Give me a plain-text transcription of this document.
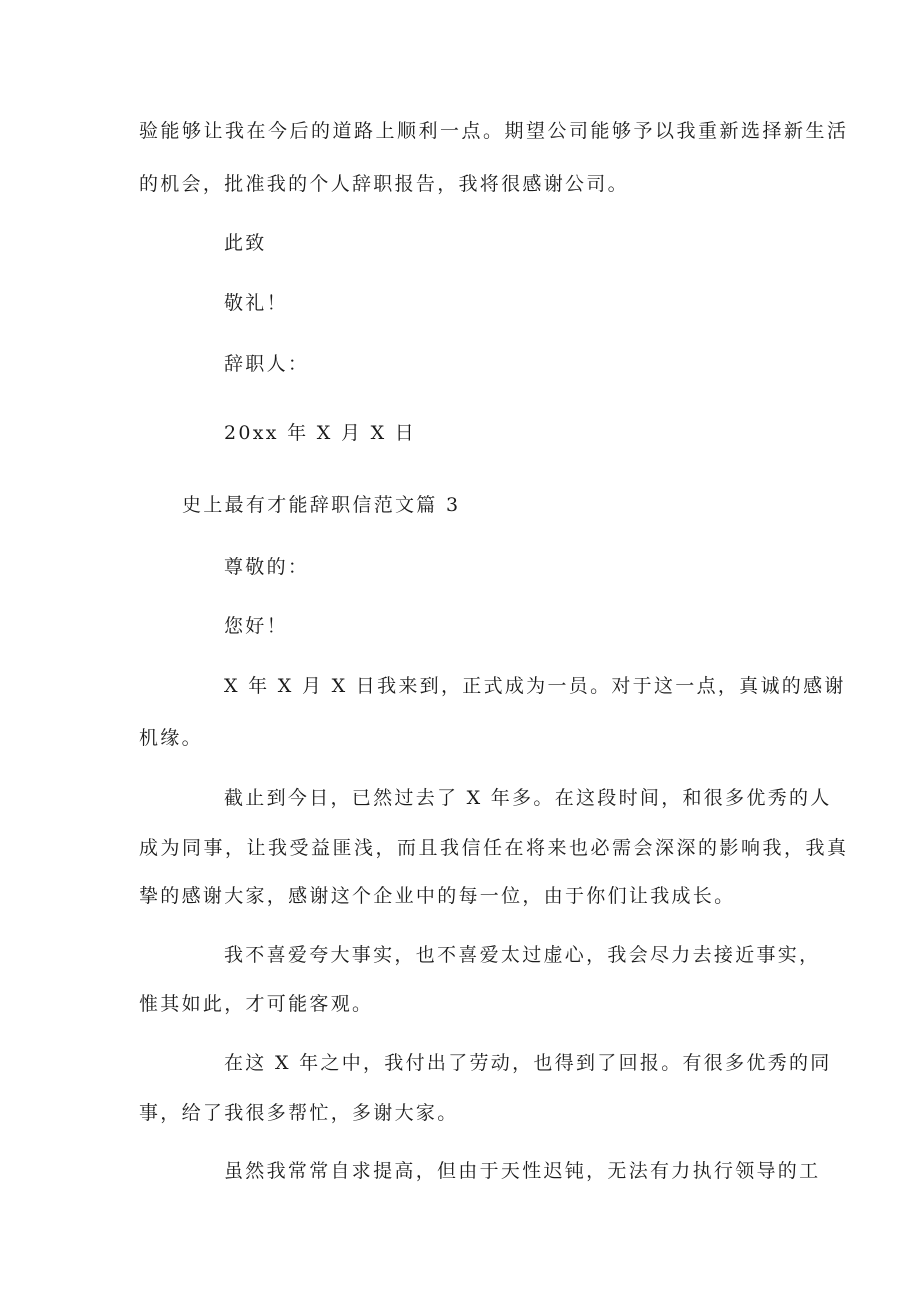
验能够让我在今后的道路上顺利一点。期望公司能够予以我重新选择新生活
的机会，批准我的个人辞职报告，我将很感谢公司。
此致
敬礼！
辞职人：
20xx 年 X 月 X 日
史上最有才能辞职信范文篇 3
尊敬的：
您好！
X 年 X 月 X 日我来到，正式成为一员。对于这一点，真诚的感谢
机缘。
截止到今日，已然过去了 X 年多。在这段时间，和很多优秀的人
成为同事，让我受益匪浅，而且我信任在将来也必需会深深的影响我，我真
挚的感谢大家，感谢这个企业中的每一位，由于你们让我成长。
我不喜爱夸大事实，也不喜爱太过虚心，我会尽力去接近事实，
惟其如此，才可能客观。
在这 X 年之中，我付出了劳动，也得到了回报。有很多优秀的同
事，给了我很多帮忙，多谢大家。
虽然我常常自求提高，但由于天性迟钝，无法有力执行领导的工
